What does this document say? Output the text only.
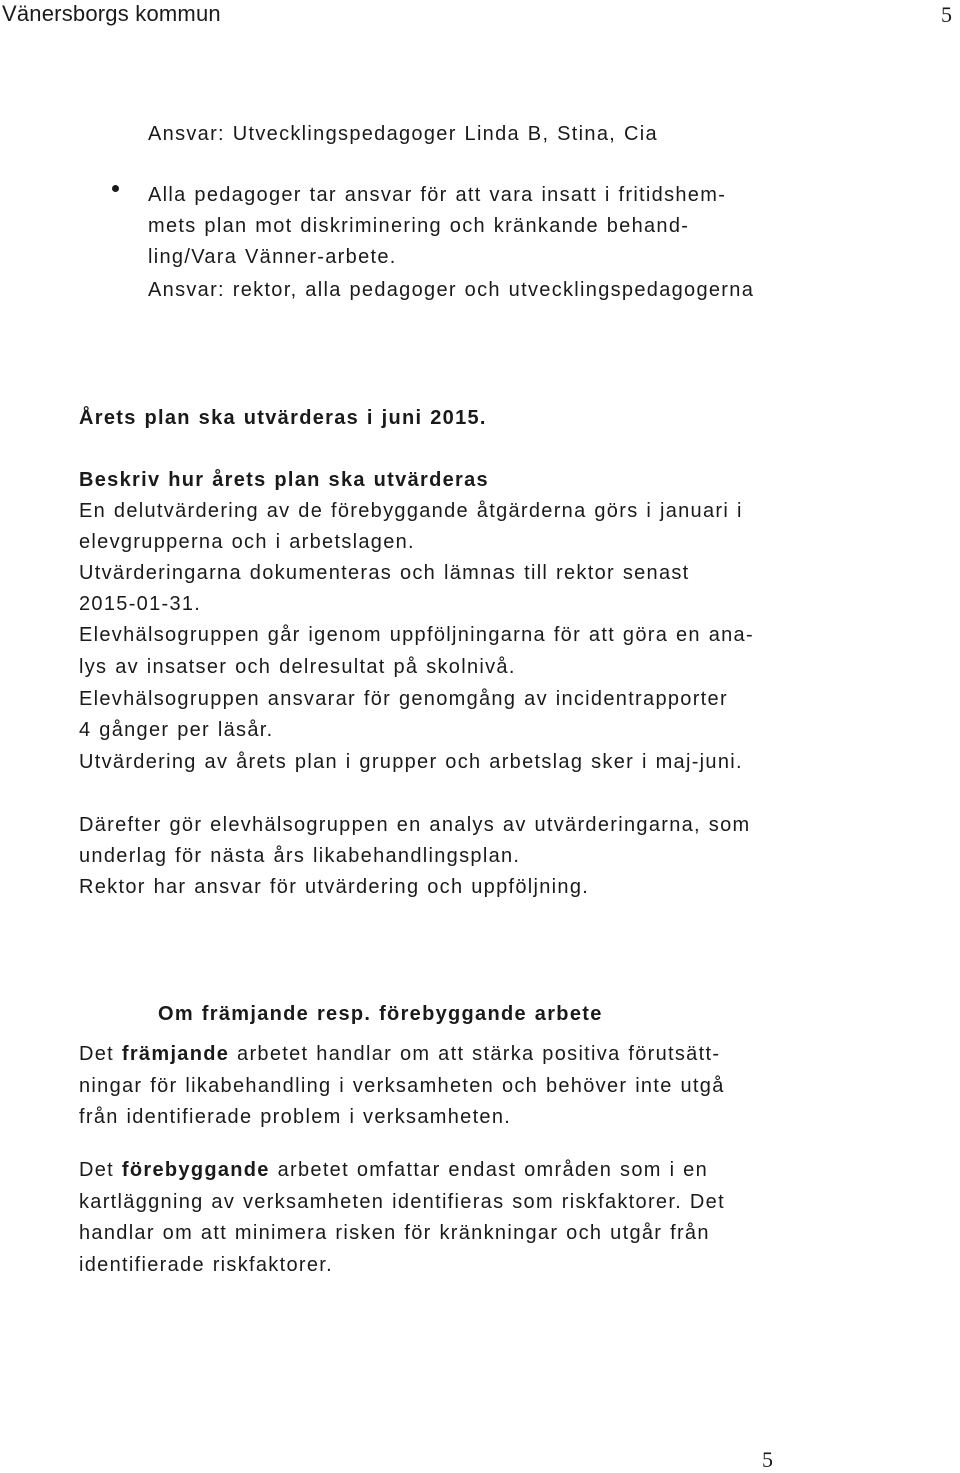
Vänersborgs kommun	5
Ansvar: Utvecklingspedagoger Linda B, Stina, Cia
Alla pedagoger tar ansvar för att vara insatt i fritidshem-
mets plan mot diskriminering och kränkande behand-
ling/Vara Vänner-arbete.
Ansvar: rektor, alla pedagoger och utvecklingspedagogerna
Årets plan ska utvärderas i juni 2015.
Beskriv hur årets plan ska utvärderas
En delutvärdering av de förebyggande åtgärderna görs i januari i
elevgrupperna och i arbetslagen.
Utvärderingarna dokumenteras och lämnas till rektor senast
2015-01-31.
Elevhälsogruppen går igenom uppföljningarna för att göra en ana-
lys av insatser och delresultat på skolnivå.
Elevhälsogruppen ansvarar för genomgång av incidentrapporter
4 gånger per läsår.
Utvärdering av årets plan i grupper och arbetslag sker i maj-juni.
Därefter gör elevhälsogruppen en analys av utvärderingarna, som
underlag för nästa års likabehandlingsplan.
Rektor har ansvar för utvärdering och uppföljning.
Om främjande resp. förebyggande arbete
Det främjande arbetet handlar om att stärka positiva förutsätt-
ningar för likabehandling i verksamheten och behöver inte utgå
från identifierade problem i verksamheten.
Det förebyggande arbetet omfattar endast områden som i en
kartläggning av verksamheten identifieras som riskfaktorer. Det
handlar om att minimera risken för kränkningar och utgår från
identifierade riskfaktorer.
5
